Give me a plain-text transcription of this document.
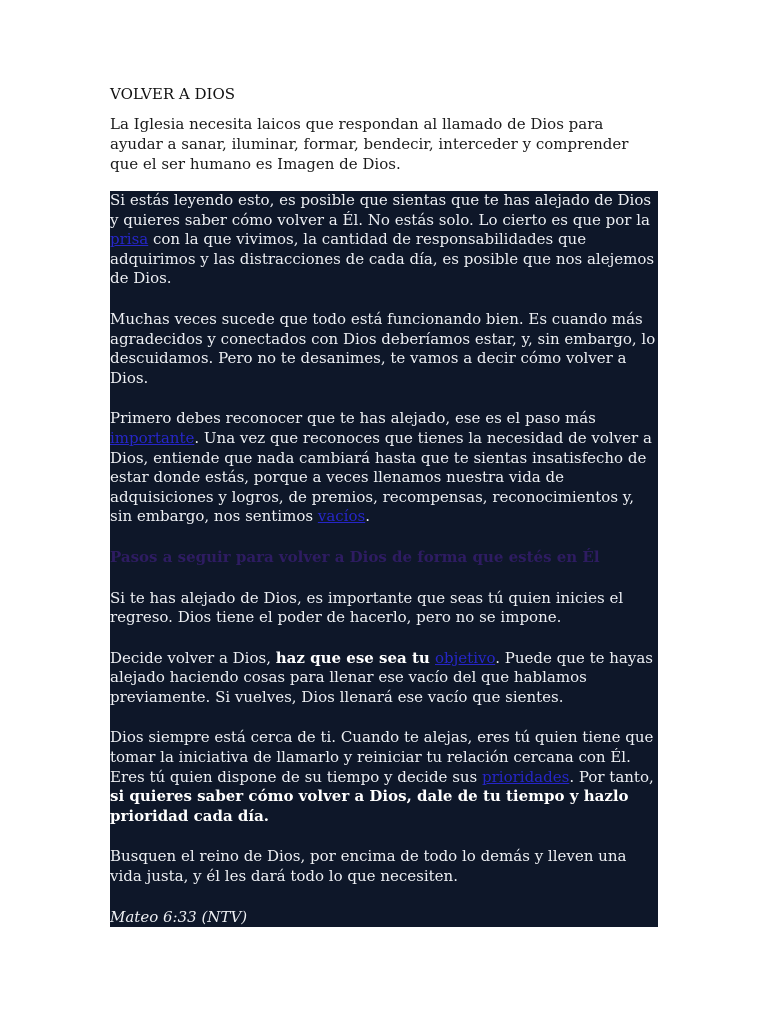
VOLVER A DIOS

La Iglesia necesita laicos que respondan al llamado de Dios para ayudar a sanar, iluminar, formar, bendecir, interceder y comprender que el ser humano es Imagen de Dios.

Si estás leyendo esto, es posible que sientas que te has alejado de Dios y quieres saber cómo volver a Él. No estás solo. Lo cierto es que por la prisa con la que vivimos, la cantidad de responsabilidades que adquirimos y las distracciones de cada día, es posible que nos alejemos de Dios.

Muchas veces sucede que todo está funcionando bien. Es cuando más agradecidos y conectados con Dios deberíamos estar, y, sin embargo, lo descuidamos. Pero no te desanimes, te vamos a decir cómo volver a Dios.

Primero debes reconocer que te has alejado, ese es el paso más importante. Una vez que reconoces que tienes la necesidad de volver a Dios, entiende que nada cambiará hasta que te sientas insatisfecho de estar donde estás, porque a veces llenamos nuestra vida de adquisiciones y logros, de premios, recompensas, reconocimientos y, sin embargo, nos sentimos vacíos.

Pasos a seguir para volver a Dios de forma que estés en Él

Si te has alejado de Dios, es importante que seas tú quien inicies el regreso. Dios tiene el poder de hacerlo, pero no se impone.

Decide volver a Dios, haz que ese sea tu objetivo. Puede que te hayas alejado haciendo cosas para llenar ese vacío del que hablamos previamente. Si vuelves, Dios llenará ese vacío que sientes.

Dios siempre está cerca de ti. Cuando te alejas, eres tú quien tiene que tomar la iniciativa de llamarlo y reiniciar tu relación cercana con Él. Eres tú quien dispone de su tiempo y decide sus prioridades. Por tanto, si quieres saber cómo volver a Dios, dale de tu tiempo y hazlo prioridad cada día.

Busquen el reino de Dios, por encima de todo lo demás y lleven una vida justa, y él les dará todo lo que necesiten.

Mateo 6:33 (NTV)
